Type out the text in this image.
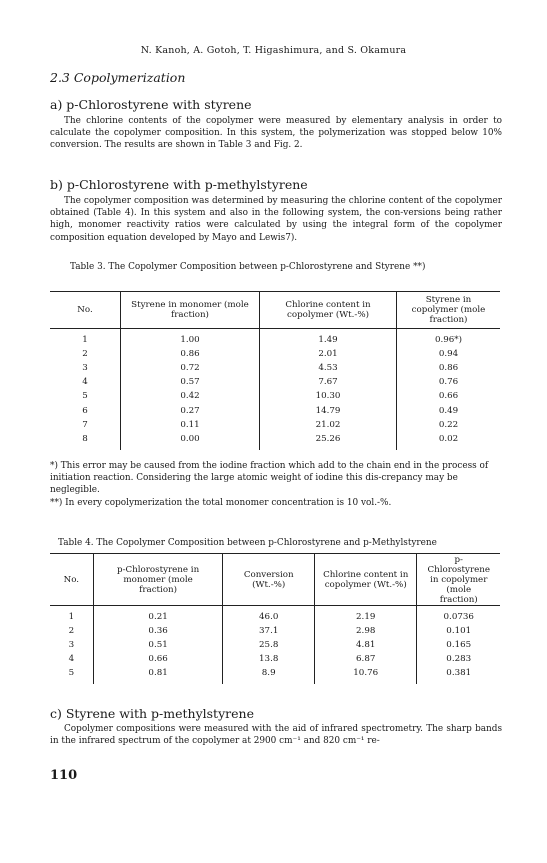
N. Kanoh, A. Gotoh, T. Higashimura, and S. Okamura
2.3 Copolymerization
a) p-Chlorostyrene with styrene
The chlorine contents of the copolymer were measured by elementary analysis in order to calculate the copolymer composition. In this system, the polymerization was stopped below 10% conversion. The results are shown in Table 3 and Fig. 2.
b) p-Chlorostyrene with p-methylstyrene
The copolymer composition was determined by measuring the chlorine content of the copolymer obtained (Table 4). In this system and also in the following system, the con-versions being rather high, monomer reactivity ratios were calculated by using the integral form of the copolymer composition equation developed by Mayo and Lewis7).
Table 3. The Copolymer Composition between p-Chlorostyrene and Styrene **)
No.	Styrene in monomer (mole fraction)	Chlorine content in copolymer (Wt.-%)	Styrene in copolymer (mole fraction)

1	1.00	1.49	0.96*)
2	0.86	2.01	0.94
3	0.72	4.53	0.86
4	0.57	7.67	0.76
5	0.42	10.30	0.66
6	0.27	14.79	0.49
7	0.11	21.02	0.22
8	0.00	25.26	0.02

*) This error may be caused from the iodine fraction which add to the chain end in the process of initiation reaction. Considering the large atomic weight of iodine this dis-crepancy may be neglegible.
**) In every copolymerization the total monomer concentration is 10 vol.-%.
Table 4. The Copolymer Composition between p-Chlorostyrene and p-Methylstyrene
No.	p-Chlorostyrene in monomer (mole fraction)	Conversion (Wt.-%)	Chlorine content in copolymer (Wt.-%)	p-Chlorostyrene in copolymer (mole fraction)

1	0.21	46.0	2.19	0.0736
2	0.36	37.1	2.98	0.101
3	0.51	25.8	4.81	0.165
4	0.66	13.8	6.87	0.283
5	0.81	8.9	10.76	0.381

c) Styrene with p-methylstyrene
Copolymer compositions were measured with the aid of infrared spectrometry. The sharp bands in the infrared spectrum of the copolymer at 2900 cm⁻¹ and 820 cm⁻¹ re-
110
